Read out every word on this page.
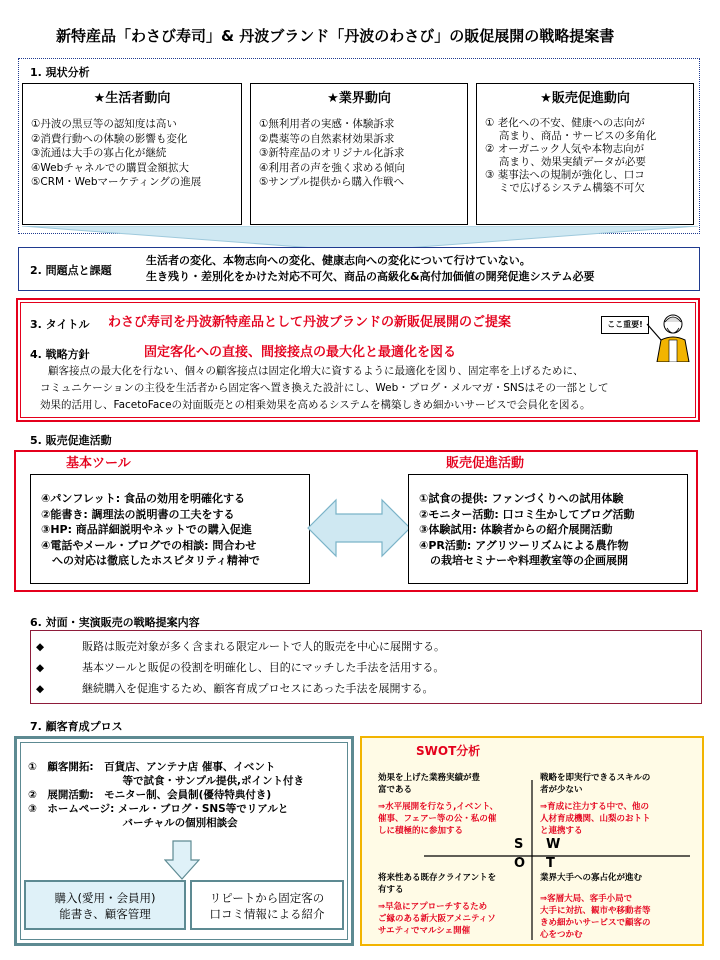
新特産品「わさび寿司」& 丹波ブランド「丹波のわさび」の販促展開の戦略提案書
1. 現状分析
★生活者動向
①丹波の黒豆等の認知度は高い
②消費行動への体験の影響も変化
③流通は大手の寡占化が継続
④Webチャネルでの購買金額拡大
⑤CRM・Webマーケティングの進展
★業界動向
①無利用者の実感・体験訴求
②農薬等の自然素材効果訴求
③新特産品のオリジナル化訴求
④利用者の声を強く求める傾向
⑤サンプル提供から購入作戦へ
★販売促進動向
① 老化への不安、健康への志向が
　 高まり、商品・サービスの多角化
② オーガニック人気や本物志向が
　 高まり、効果実績データが必要
③ 薬事法への規制が強化し、口コ
　 ミで広げるシステム構築不可欠
2. 問題点と課題
生活者の変化、本物志向への変化、健康志向への変化について行けていない。
生き残り・差別化をかけた対応不可欠、商品の高級化&高付加価値の開発促進システム必要
3. タイトル わさび寿司を丹波新特産品として丹波ブランドの新販促展開のご提案
4. 戦略方針	固定客化への直接、間接接点の最大化と最適化を図る
顧客接点の最大化を行ない、個々の顧客接点は固定化増大に資するように最適化を図り、固定率を上げるために、
コミュニケーションの主役を生活者から固定客へ置き換えた設計にし、Web・ブログ・メルマガ・SNSはその一部として
効果的活用し、FacetoFaceの対面販売との相乗効果を高めるシステムを構築しきめ細かいサービスで会員化を図る。
ここ重要!
5. 販売促進活動
基本ツール	販売促進活動
④パンフレット: 食品の効用を明確化する
②能書き: 調理法の説明書の工夫をする
③HP: 商品詳細説明やネットでの購入促進
④電話やメール・ブログでの相談: 問合わせ
　への対応は徹底したホスピタリティ精神で
①試食の提供: ファンづくりへの試用体験
②モニター活動: 口コミ生かしてブログ活動
③体験試用: 体験者からの紹介展開活動
④PR活動: アグリツーリズムによる農作物
　の栽培セミナーや料理教室等の企画展開
6. 対面・実演販売の戦略提案内容
◆	販路は販売対象が多く含まれる限定ルートで人的販売を中心に展開する。
◆	基本ツールと販促の役割を明確化し、目的にマッチした手法を活用する。
◆	継続購入を促進するため、顧客育成プロセスにあった手法を展開する。
7. 顧客育成プロス
①　顧客開拓:　百貨店、アンテナ店 催事、イベント
　　　　　　　　　等で試食・サンプル提供,ポイント付き
②　展開活動:　モニター制、会員制(優待特典付き)
③　ホームページ: メール・ブログ・SNS等でリアルと
　　　　　　　　　バーチャルの個別相談会
購入(愛用・会員用)
能書き、顧客管理
リピートから固定客の
口コミ情報による紹介
SWOT分析
効果を上げた業務実績が豊
富である
⇒水平展開を行なう,イベント、
催事、フェアー等の公・私の催
しに積極的に参加する
戦略を即実行できるスキルの
者が少ない
⇒育成に注力する中で、他の
人材育成機関、山梨のおトト
と連携する
S W
O T
将来性ある既存クライアントを
有する
⇒早急にアプローチするため
ご縁のある新大阪アメニティソ
サエティでマルシェ開催
業界大手への寡占化が進む
⇒客層大局、客手小局で
大手に対抗、観市や移動者等
きめ細かいサービスで顧客の
心をつかむ
